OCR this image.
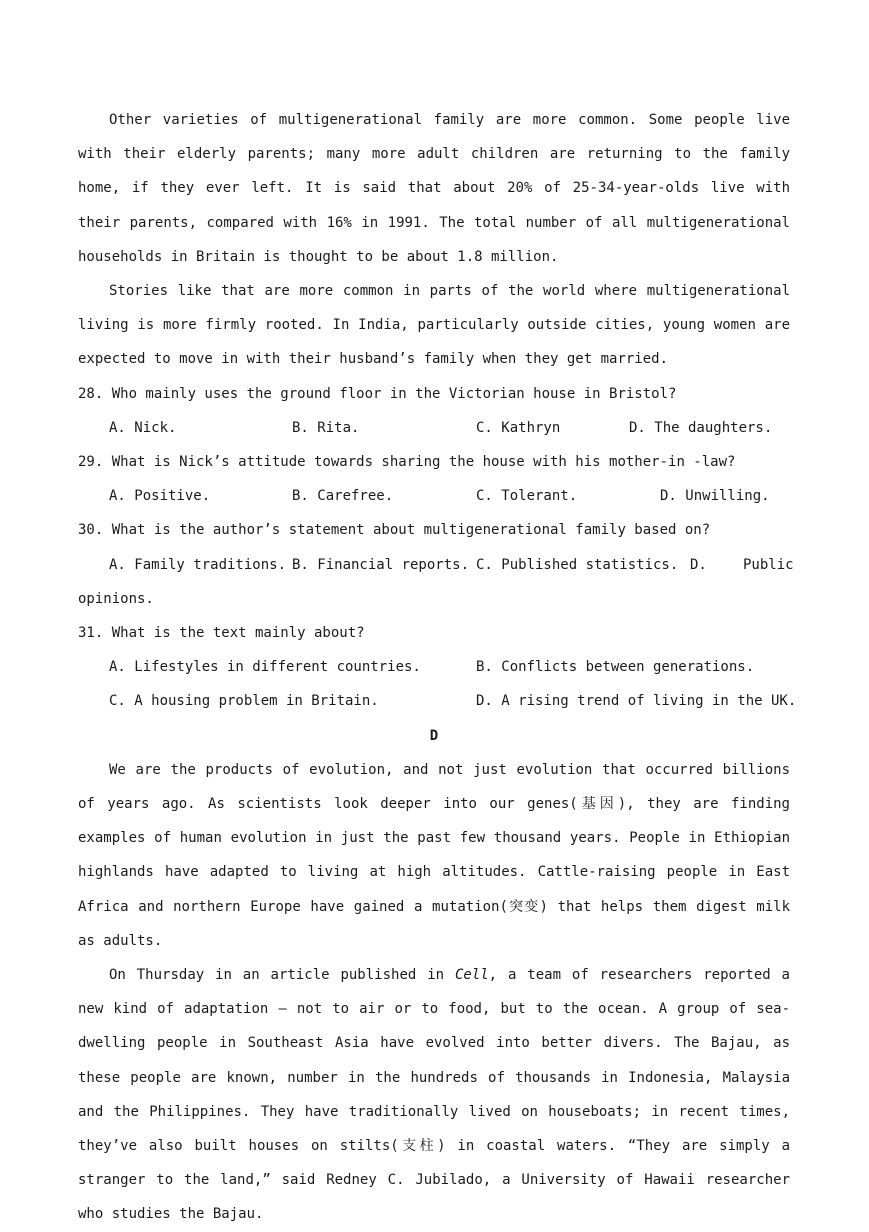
Other varieties of multigenerational family are more common. Some people live with their elderly parents; many more adult children are returning to the family home, if they ever left. It is said that about 20% of 25-34-year-olds live with their parents, compared with 16% in 1991. The total number of all multigenerational households in Britain is thought to be about 1.8 million.

Stories like that are more common in parts of the world where multigenerational living is more firmly rooted. In India, particularly outside cities, young women are expected to move in with their husband’s family when they get married.

28. Who mainly uses the ground floor in the Victorian house in Bristol?

A. Nick.	B. Rita.	C. Kathryn	D. The daughters.

29. What is Nick’s attitude towards sharing the house with his mother-in -law?

A. Positive.	B. Carefree.	C. Tolerant.	D. Unwilling.

30. What is the author’s statement about multigenerational family based on?

A. Family traditions. B. Financial reports. C. Published statistics. D.	Public
opinions.

31. What is the text mainly about?

A. Lifestyles in different countries.	B. Conflicts between generations.
C. A housing problem in Britain.	D. A rising trend of living in the UK.

D

We are the products of evolution, and not just evolution that occurred billions of years ago. As scientists look deeper into our genes(基因), they are finding examples of human evolution in just the past few thousand years. People in Ethiopian highlands have adapted to living at high altitudes. Cattle-raising people in East Africa and northern Europe have gained a mutation(突变) that helps them digest milk as adults.

On Thursday in an article published in Cell, a team of researchers reported a new kind of adaptation — not to air or to food, but to the ocean. A group of sea-dwelling people in Southeast Asia have evolved into better divers. The Bajau, as these people are known, number in the hundreds of thousands in Indonesia, Malaysia and the Philippines. They have traditionally lived on houseboats; in recent times, they’ve also built houses on stilts(支柱) in coastal waters. “They are simply a stranger to the land,” said Redney C. Jubilado, a University of Hawaii researcher who studies the Bajau.
